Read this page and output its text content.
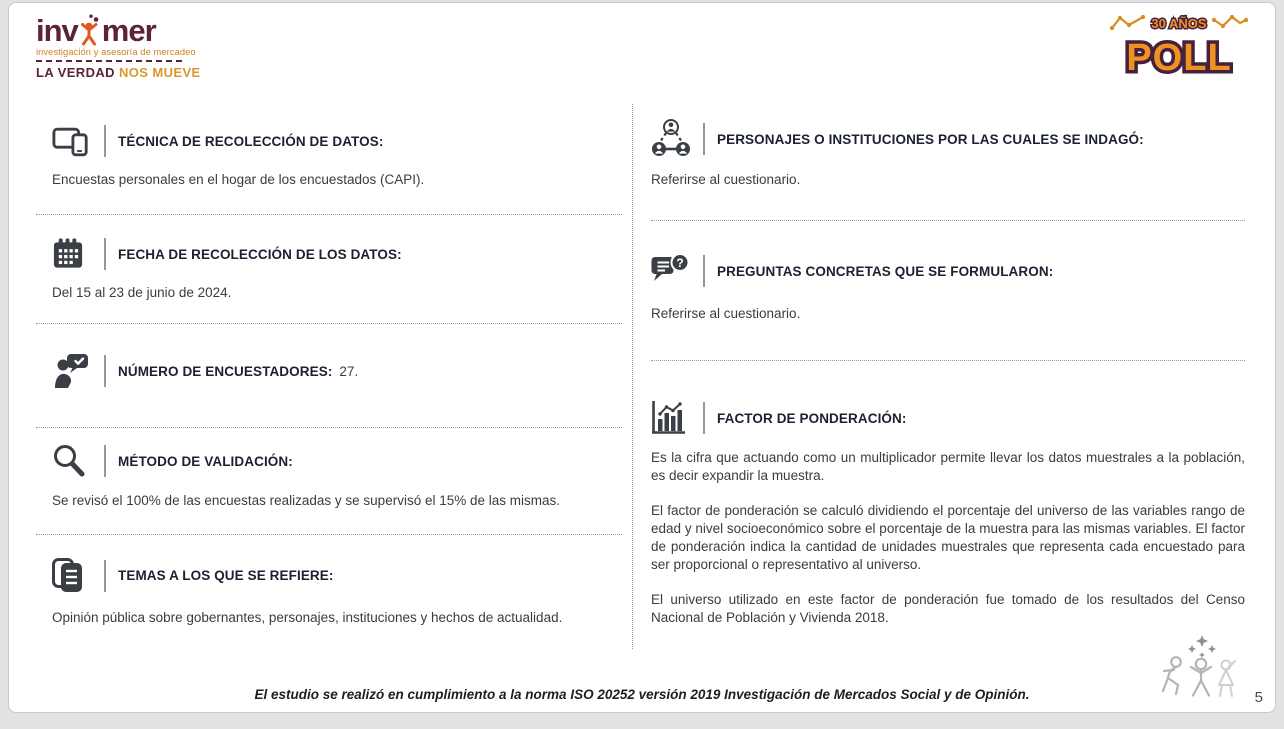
inv mer
investigación y asesoría de mercadeo
LA VERDAD NOS MUEVE
30 AÑOS
POLL
TÉCNICA DE RECOLECCIÓN DE DATOS:

Encuestas personales en el hogar de los encuestados (CAPI).

FECHA DE RECOLECCIÓN DE LOS DATOS:

Del 15 al 23 de junio de 2024.

NÚMERO DE ENCUESTADORES: 27.
MÉTODO DE VALIDACIÓN:

Se revisó el 100% de las encuestas realizadas y se supervisó el 15% de las mismas.

TEMAS A LOS QUE SE REFIERE:

Opinión pública sobre gobernantes, personajes, instituciones y hechos de actualidad.

PERSONAJES O INSTITUCIONES POR LAS CUALES SE INDAGÓ:

Referirse al cuestionario.

?
PREGUNTAS CONCRETAS QUE SE FORMULARON:

Referirse al cuestionario.

FACTOR DE PONDERACIÓN:

Es la cifra que actuando como un multiplicador permite llevar los datos muestrales a la población, es decir expandir la muestra.

El factor de ponderación se calculó dividiendo el porcentaje del universo de las variables rango de edad y nivel socioeconómico sobre el porcentaje de la muestra para las mismas variables. El factor de ponderación indica la cantidad de unidades muestrales que representa cada encuestado para ser proporcional o representativo al universo.

El universo utilizado en este factor de ponderación fue tomado de los resultados del Censo Nacional de Población y Vivienda 2018.

El estudio se realizó en cumplimiento a la norma ISO 20252 versión 2019 Investigación de Mercados Social y de Opinión.	5
